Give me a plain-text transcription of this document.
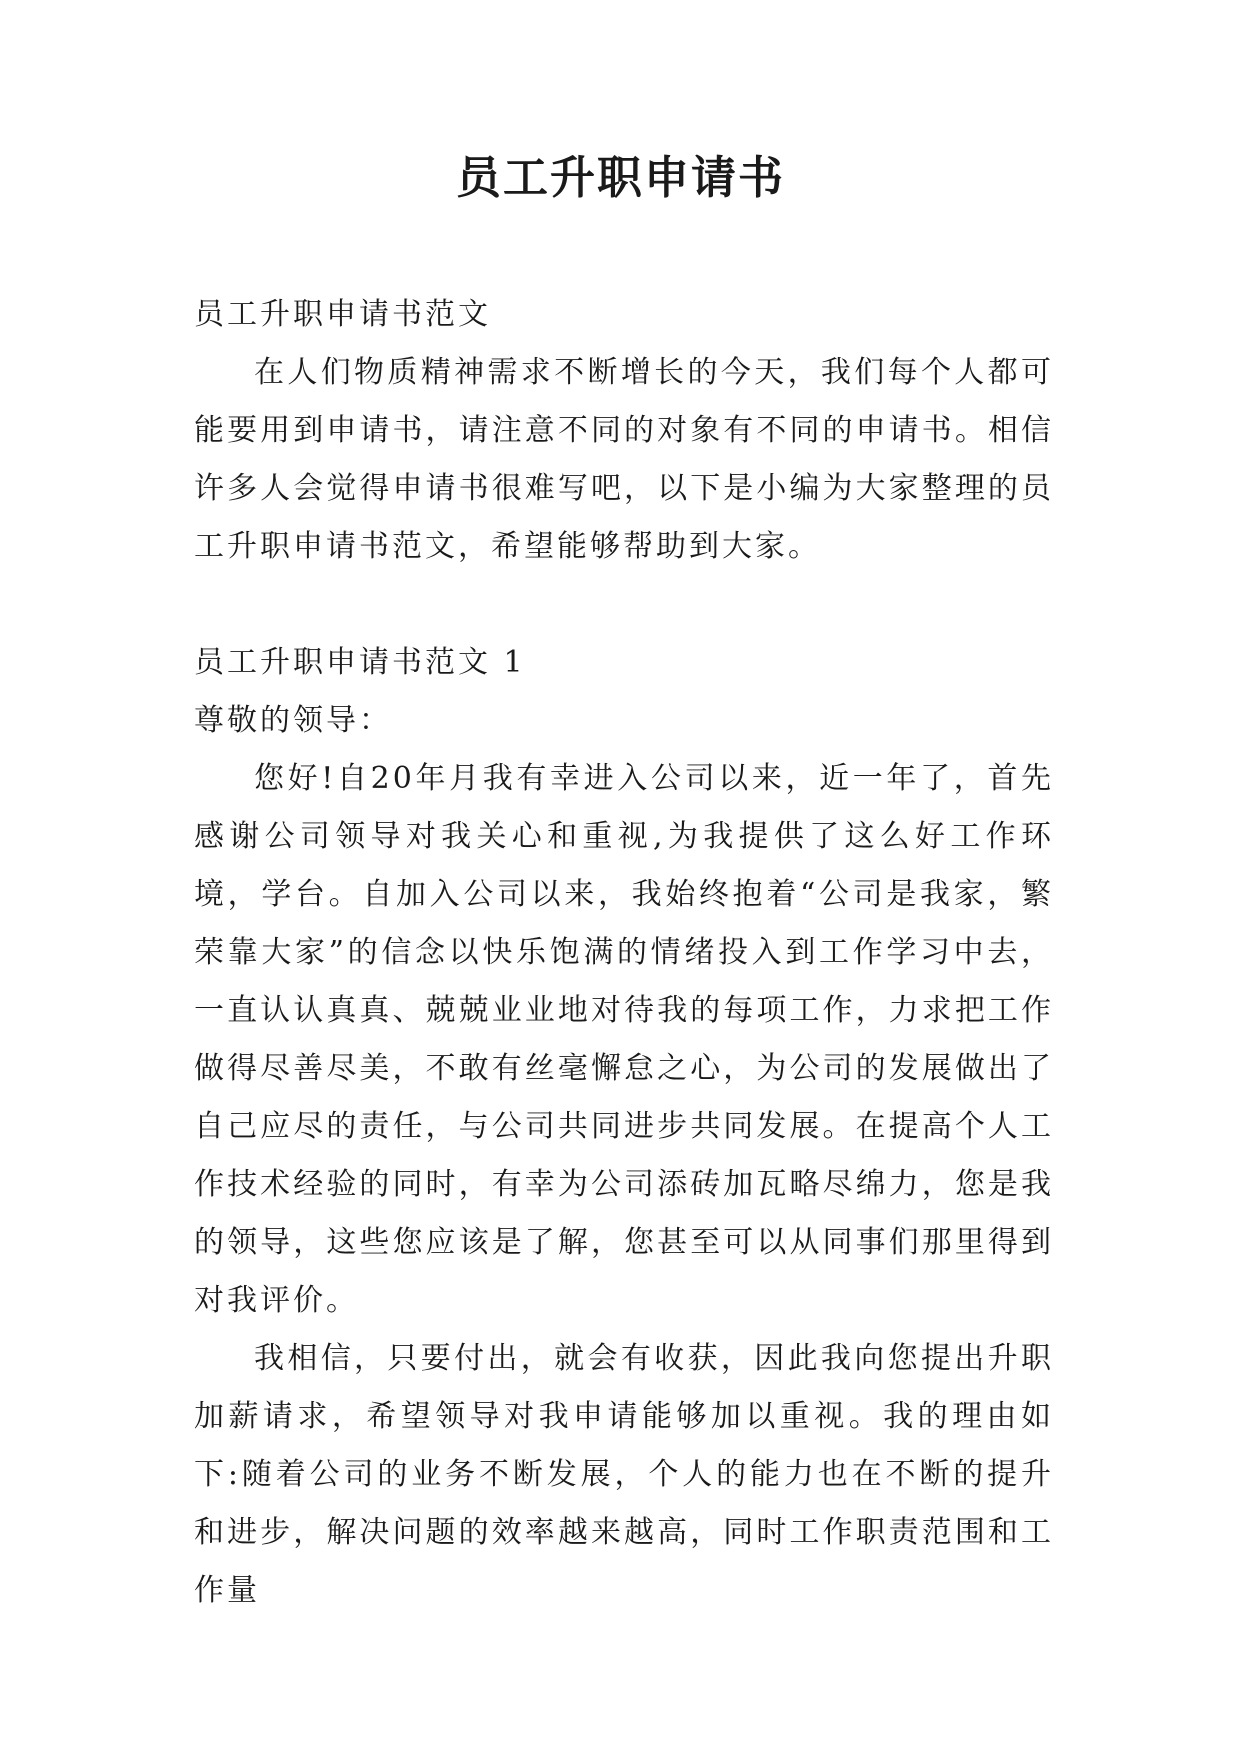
员工升职申请书

员工升职申请书范文

在人们物质精神需求不断增长的今天，我们每个人都可能要用到申请书，请注意不同的对象有不同的申请书。相信许多人会觉得申请书很难写吧，以下是小编为大家整理的员工升职申请书范文，希望能够帮助到大家。

员工升职申请书范文 1

尊敬的领导：

您好!自20年月我有幸进入公司以来，近一年了，首先感谢公司领导对我关心和重视,为我提供了这么好工作环境，学台。自加入公司以来，我始终抱着“公司是我家，繁荣靠大家”的信念以快乐饱满的情绪投入到工作学习中去，一直认认真真、兢兢业业地对待我的每项工作，力求把工作做得尽善尽美，不敢有丝毫懈怠之心，为公司的发展做出了自己应尽的责任，与公司共同进步共同发展。在提高个人工作技术经验的同时，有幸为公司添砖加瓦略尽绵力，您是我的领导，这些您应该是了解，您甚至可以从同事们那里得到对我评价。

我相信，只要付出，就会有收获，因此我向您提出升职加薪请求，希望领导对我申请能够加以重视。我的理由如下:随着公司的业务不断发展，个人的能力也在不断的提升和进步，解决问题的效率越来越高，同时工作职责范围和工作量
